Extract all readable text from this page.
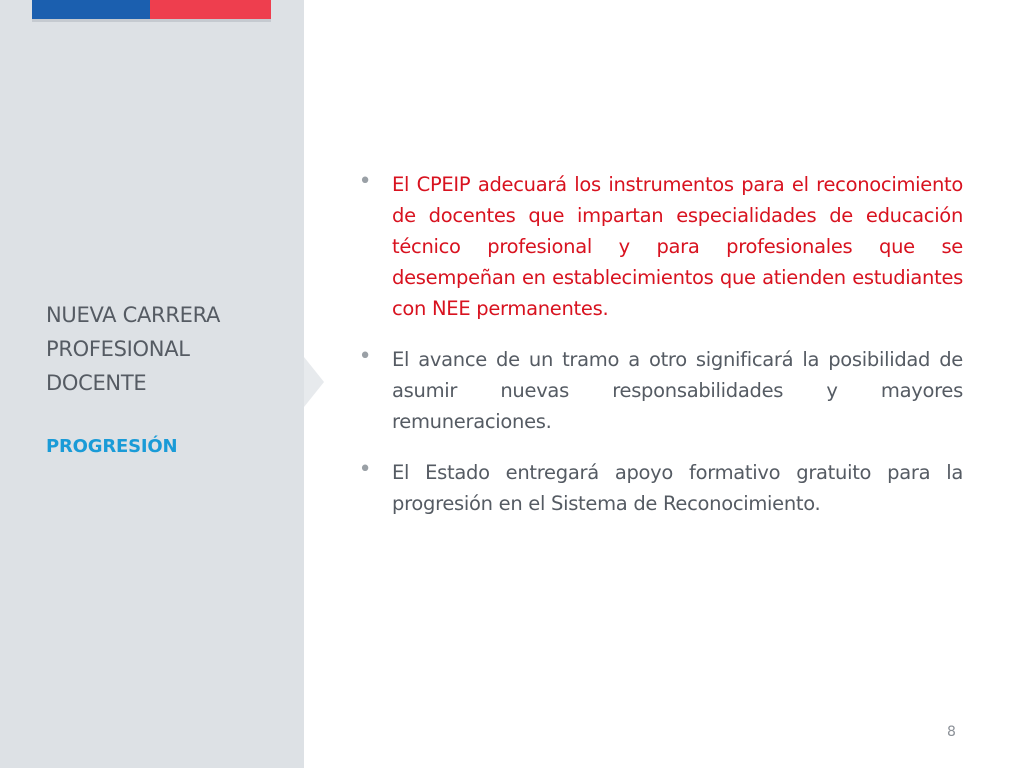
NUEVA CARRERA
PROFESIONAL
DOCENTE
PROGRESIÓN
• El CPEIP adecuará los instrumentos para el reconocimiento de docentes que impartan especialidades de educación técnico profesional y para profesionales que se desempeñan en establecimientos que atienden estudiantes con NEE permanentes.
• El avance de un tramo a otro significará la posibilidad de asumir nuevas responsabilidades y mayores remuneraciones.
• El Estado entregará apoyo formativo gratuito para la progresión en el Sistema de Reconocimiento.
8
